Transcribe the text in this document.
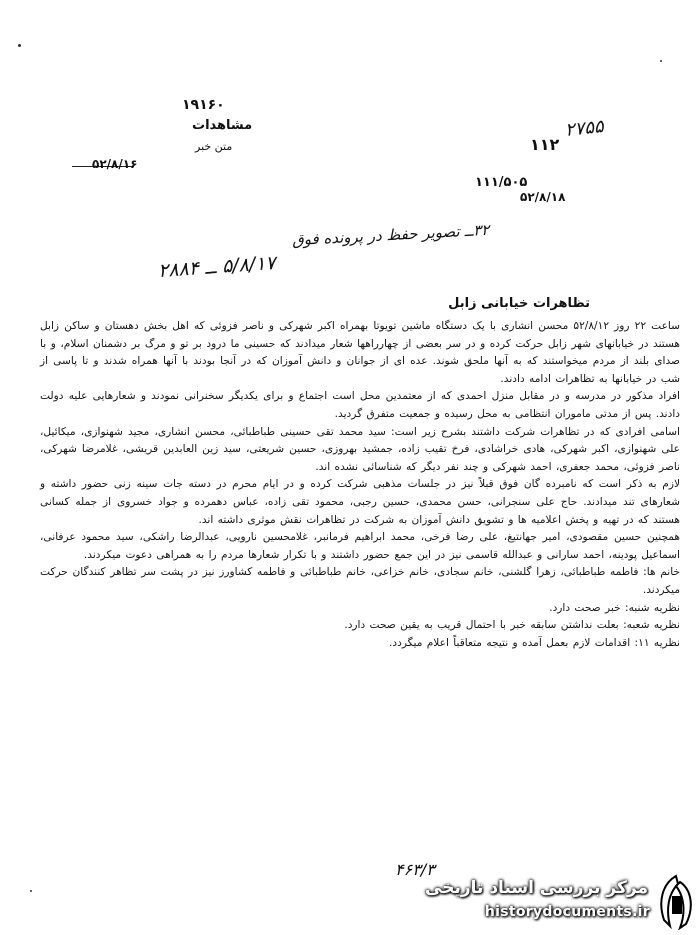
۱۹۱۶۰
مشاهدات
متن خبر
۵۲/۸/۱۶
۲۷۵۵
۱۱۲
۱۱۱/۵۰۵
۵۲/۸/۱۸
۳۲ــ تصویر حفظ در پرونده فوق
۵/۸/۱۷ ــ ۲۸۸۴
تظاهرات خیابانی زابل

ساعت ۲۲ روز ۵۲/۸/۱۲ محسن انشاری با یک دستگاه ماشین تویوتا بهمراه اکبر شهرکی و ناصر فزوئی که اهل بخش دهستان و ساکن زابل هستند در خیابانهای شهر زابل حرکت کرده و در سر بعضی از چهارراهها شعار میدادند که حسینی ما درود بر تو و مرگ بر دشمنان اسلام، و با صدای بلند از مردم میخواستند که به آنها ملحق شوند. عده ای از جوانان و دانش آموزان که در آنجا بودند با آنها همراه شدند و تا پاسی از شب در خیابانها به تظاهرات ادامه دادند.

افراد مذکور در مدرسه و در مقابل منزل احمدی که از معتمدین محل است اجتماع و برای یکدیگر سخنرانی نمودند و شعارهایی علیه دولت دادند. پس از مدتی ماموران انتظامی به محل رسیده و جمعیت متفرق گردید.

اسامی افرادی که در تظاهرات شرکت داشتند بشرح زیر است: سید محمد تقی حسینی طباطبائی، محسن انشاری، مجید شهنوازی، میکائیل، علی شهنوازی، اکبر شهرکی، هادی خراشادی، فرخ تقیب زاده، جمشید بهروزی، حسین شریعتی، سید زین العابدین قریشی، غلامرضا شهرکی، ناصر فزوئی، محمد جعفری، احمد شهرکی و چند نفر دیگر که شناسائی نشده اند.

لازم به ذکر است که نامبرده گان فوق قبلاً نیز در جلسات مذهبی شرکت کرده و در ایام محرم در دسته جات سینه زنی حضور داشته و شعارهای تند میدادند. حاج علی سنجرانی، حسن محمدی، حسین رجبی، محمود تقی زاده، عباس دهمرده و جواد خسروی از جمله کسانی هستند که در تهیه و پخش اعلامیه ها و تشویق دانش آموزان به شرکت در تظاهرات نقش موثری داشته اند.

همچنین حسین مقصودی، امیر جهانتیغ، علی رضا فرخی، محمد ابراهیم فرمانبر، غلامحسین نارویی، عبدالرضا راشکی، سید محمود عرفانی، اسماعیل پودینه، احمد سارانی و عبدالله قاسمی نیز در این جمع حضور داشتند و با تکرار شعارها مردم را به همراهی دعوت میکردند.

خانم ها: فاطمه طباطبائی، زهرا گلشنی، خانم سجادی، خانم خزاعی، خانم طباطبائی و فاطمه کشاورز نیز در پشت سر تظاهر کنندگان حرکت میکردند.

نظریه شنبه: خبر صحت دارد.

نظریه شعبه: بعلت نداشتن سابقه خبر با احتمال قریب به یقین صحت دارد.

نظریه ۱۱: اقدامات لازم بعمل آمده و نتیجه متعاقباً اعلام میگردد.

۴۶۳/۳
مرکز بررسی اسناد تاریخی
historydocuments.ir
